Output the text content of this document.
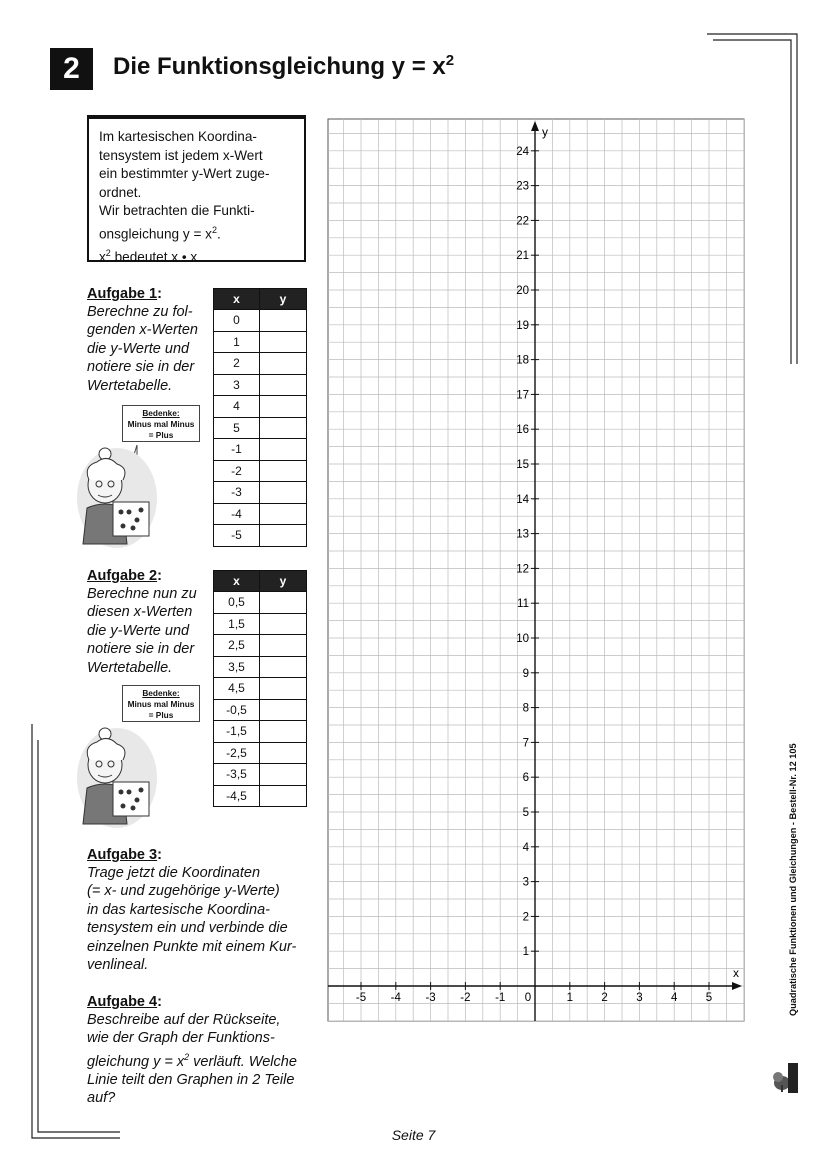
2	Die Funktionsgleichung $y = x^2$
Im kartesischen Koordina-
tensystem ist jedem x-Wert
ein bestimmter y-Wert zuge-
ordnet.
Wir betrachten die Funkti-
onsgleichung $y = x^2$.
$x^2$ bedeutet x • x
Aufgabe 1:
Berechne zu fol-
genden x-Werten
die y-Werte und
notiere sie in der
Wertetabelle.
x	y
0	
1	
2	
3	
4	
5	
-1	
-2	
-3	
-4	
-5	
Bedenke:
Minus mal Minus
= Plus
Aufgabe 2:
Berechne nun zu
diesen x-Werten
die y-Werte und
notiere sie in der
Wertetabelle.
x	y
0,5	
1,5	
2,5	
3,5	
4,5	
-0,5	
-1,5	
-2,5	
-3,5	
-4,5	
Bedenke:
Minus mal Minus
= Plus
Aufgabe 3:
Trage jetzt die Koordinaten
(= x- und zugehörige y-Werte)
in das kartesische Koordina-
tensystem ein und verbinde die
einzelnen Punkte mit einem Kur-
venlineal.
Aufgabe 4:
Beschreibe auf der Rückseite,
wie der Graph der Funktions-
gleichung $y = x^2$ verläuft. Welche
Linie teilt den Graphen in 2 Teile
auf?
-5 -4 -3 -2 -1 0	1 2 3 4 5
1
2
3
4
5
6
7
8
9
10
11
12
13
14
15
16
17
18
19
20
21
22
23
24
x
y
Seite 7
Quadratische Funktionen und Gleichungen - Bestell-Nr. 12 105
